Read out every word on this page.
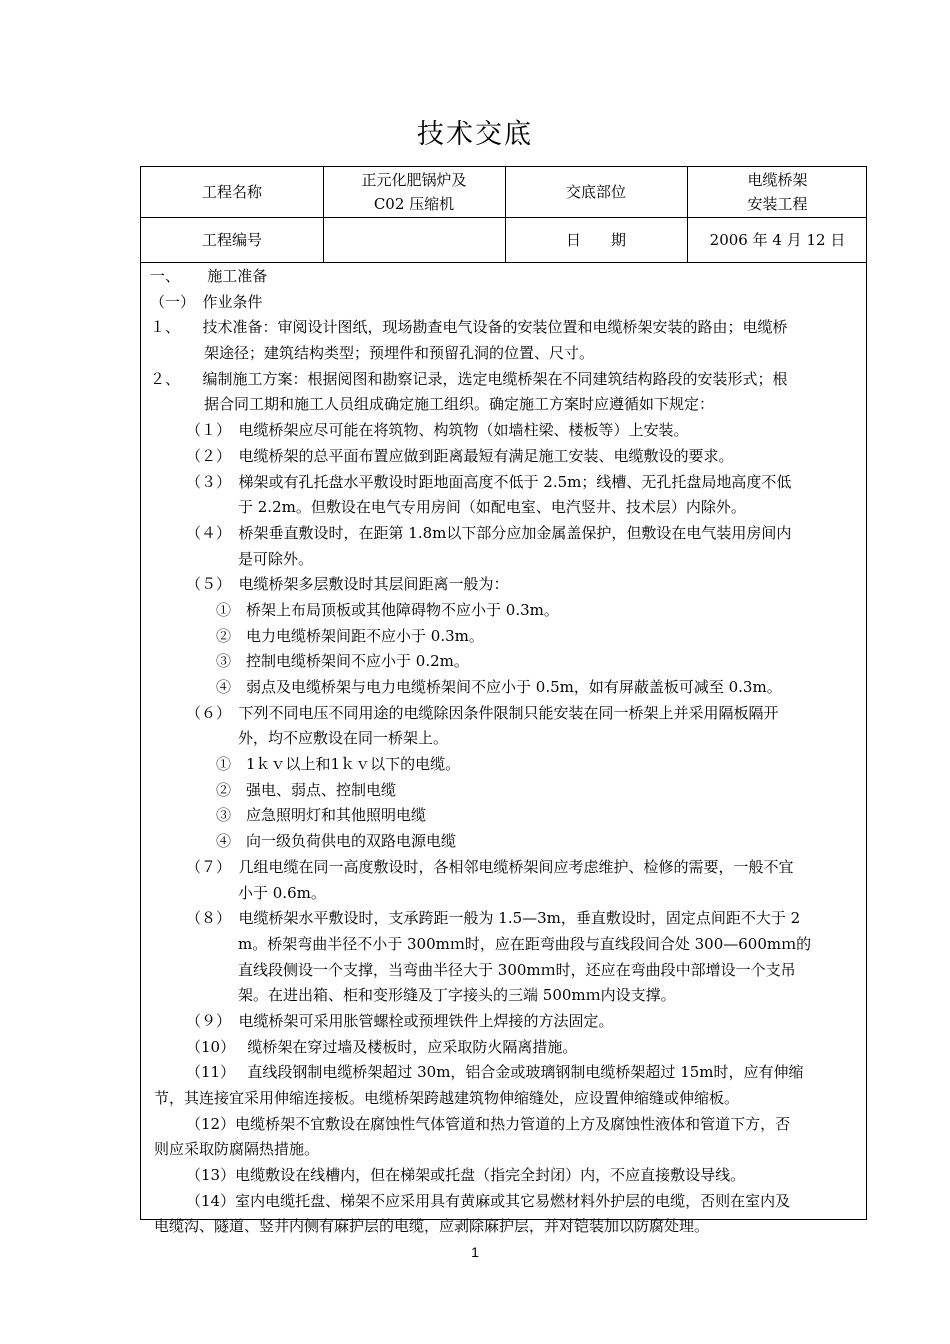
技术交底
工程名称
正元化肥锅炉及
C02 压缩机
交底部位
电缆桥架
安装工程
工程编号	日　　期	2006 年 4 月 12 日
一、　　 施工准备
（一）　作业条件
１、　　技术准备：审阅设计图纸，现场勘查电气设备的安装位置和电缆桥架安装的路由；电缆桥
架途径；建筑结构类型；预埋件和预留孔洞的位置、尺寸。
２、　　编制施工方案：根据阅图和勘察记录，选定电缆桥架在不同建筑结构路段的安装形式；根
据合同工期和施工人员组成确定施工组织。确定施工方案时应遵循如下规定：
（１）　电缆桥架应尽可能在将筑物、构筑物（如墙柱梁、楼板等）上安装。
（２）　电缆桥架的总平面布置应做到距离最短有满足施工安装、电缆敷设的要求。
（３）　梯架或有孔托盘水平敷设时距地面高度不低于 2.5m；线槽、无孔托盘局地高度不低
于 2.2m。但敷设在电气专用房间（如配电室、电汽竖井、技术层）内除外。
（４）　桥架垂直敷设时，在距第 1.8m以下部分应加金属盖保护，但敷设在电气装用房间内
是可除外。
（５）　电缆桥架多层敷设时其层间距离一般为：
①　桥架上布局顶板或其他障碍物不应小于 0.3m。
②　电力电缆桥架间距不应小于 0.3m。
③　控制电缆桥架间不应小于 0.2m。
④　弱点及电缆桥架与电力电缆桥架间不应小于 0.5m，如有屏蔽盖板可减至 0.3m。
（６）　下列不同电压不同用途的电缆除因条件限制只能安装在同一桥架上并采用隔板隔开
外，均不应敷设在同一桥架上。
①　1ｋｖ以上和1ｋｖ以下的电缆。
②　强电、弱点、控制电缆
③　应急照明灯和其他照明电缆
④　向一级负荷供电的双路电源电缆
（７）　几组电缆在同一高度敷设时，各相邻电缆桥架间应考虑维护、检修的需要，一般不宜
小于 0.6m。
（８）　电缆桥架水平敷设时，支承跨距一般为 1.5—3m，垂直敷设时，固定点间距不大于 2
m。桥架弯曲半径不小于 300mｍ时，应在距弯曲段与直线段间合处 300—600mｍ的
直线段侧设一个支撑，当弯曲半径大于 300mｍ时，还应在弯曲段中部增设一个支吊
架。在进出箱、柜和变形缝及丁字接头的三端 500mｍ内设支撑。
（９）　电缆桥架可采用胀管螺栓或预埋铁件上焊接的方法固定。
（10）　 缆桥架在穿过墙及楼板时，应采取防火隔离措施。
（11）　 直线段钢制电缆桥架超过 30m，铝合金或玻璃钢制电缆桥架超过 15m时，应有伸缩
节，其连接宜采用伸缩连接板。电缆桥架跨越建筑物伸缩缝处，应设置伸缩缝或伸缩板。
（12）电缆桥架不宜敷设在腐蚀性气体管道和热力管道的上方及腐蚀性液体和管道下方，否
则应采取防腐隔热措施。
（13）电缆敷设在线槽内，但在梯架或托盘（指完全封闭）内，不应直接敷设导线。
（14）室内电缆托盘、梯架不应采用具有黄麻或其它易燃材料外护层的电缆，否则在室内及
电缆沟、隧道、竖井内侧有麻护层的电缆，应剥除麻护层，并对铠装加以防腐处理。
1
